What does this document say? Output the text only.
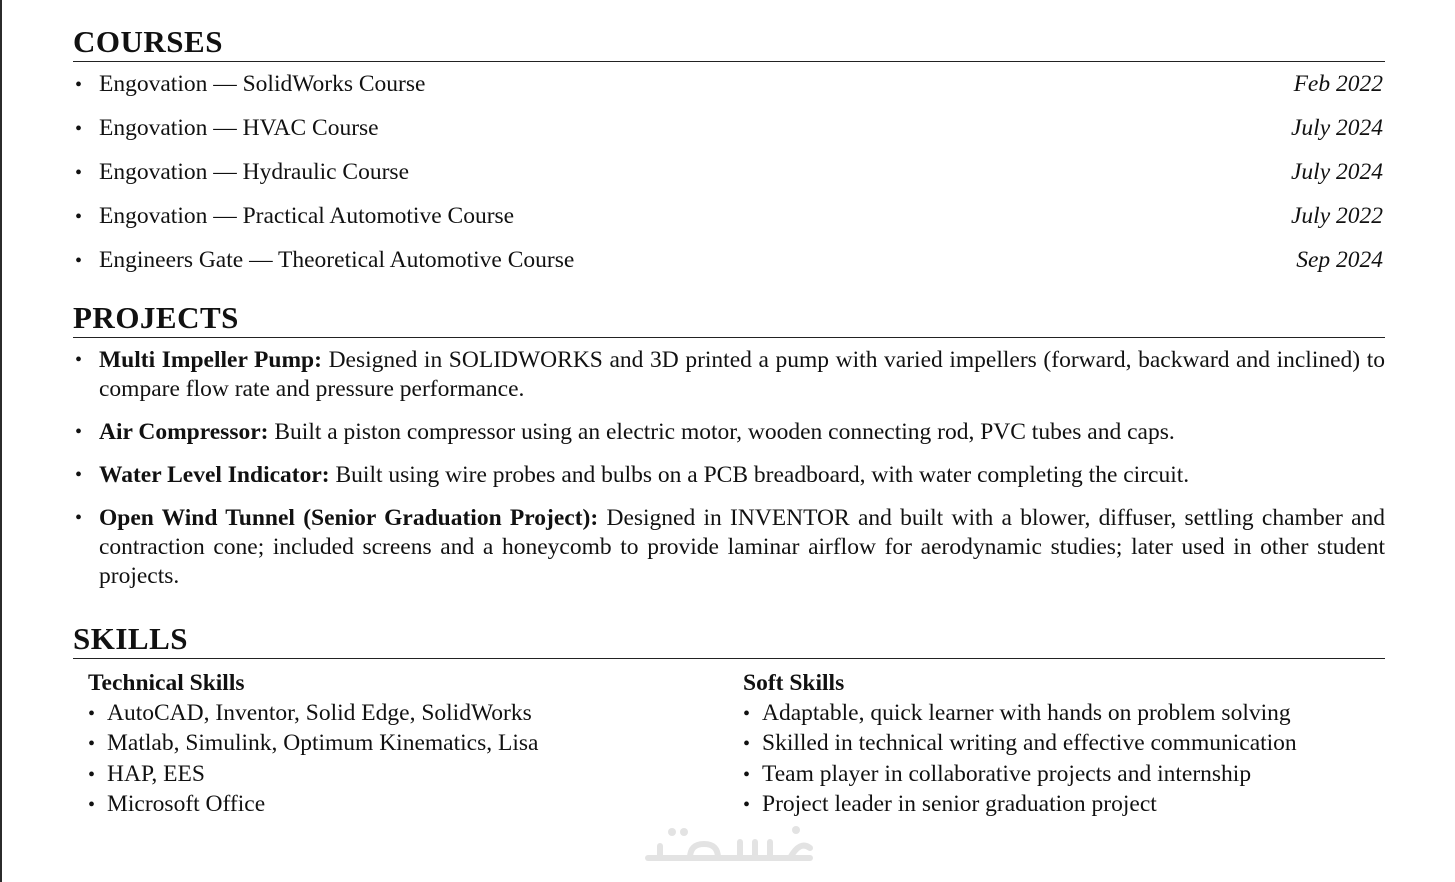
COURSES
• Engovation — SolidWorks Course	Feb 2022
• Engovation — HVAC Course	July 2024
• Engovation — Hydraulic Course	July 2024
• Engovation — Practical Automotive Course	July 2022
• Engineers Gate — Theoretical Automotive Course	Sep 2024
PROJECTS
• Multi Impeller Pump: Designed in SOLIDWORKS and 3D printed a pump with varied impellers (forward, backward and inclined) to compare flow rate and pressure performance.
• Air Compressor: Built a piston compressor using an electric motor, wooden connecting rod, PVC tubes and caps.
• Water Level Indicator: Built using wire probes and bulbs on a PCB breadboard, with water completing the circuit.
• Open Wind Tunnel (Senior Graduation Project): Designed in INVENTOR and built with a blower, diffuser, settling chamber and contraction cone; included screens and a honeycomb to provide laminar airflow for aerodynamic studies; later used in other student projects.
SKILLS
Technical Skills
• AutoCAD, Inventor, Solid Edge, SolidWorks
• Matlab, Simulink, Optimum Kinematics, Lisa
• HAP, EES
• Microsoft Office
Soft Skills
• Adaptable, quick learner with hands on problem solving
• Skilled in technical writing and effective communication
• Team player in collaborative projects and internship
• Project leader in senior graduation project
